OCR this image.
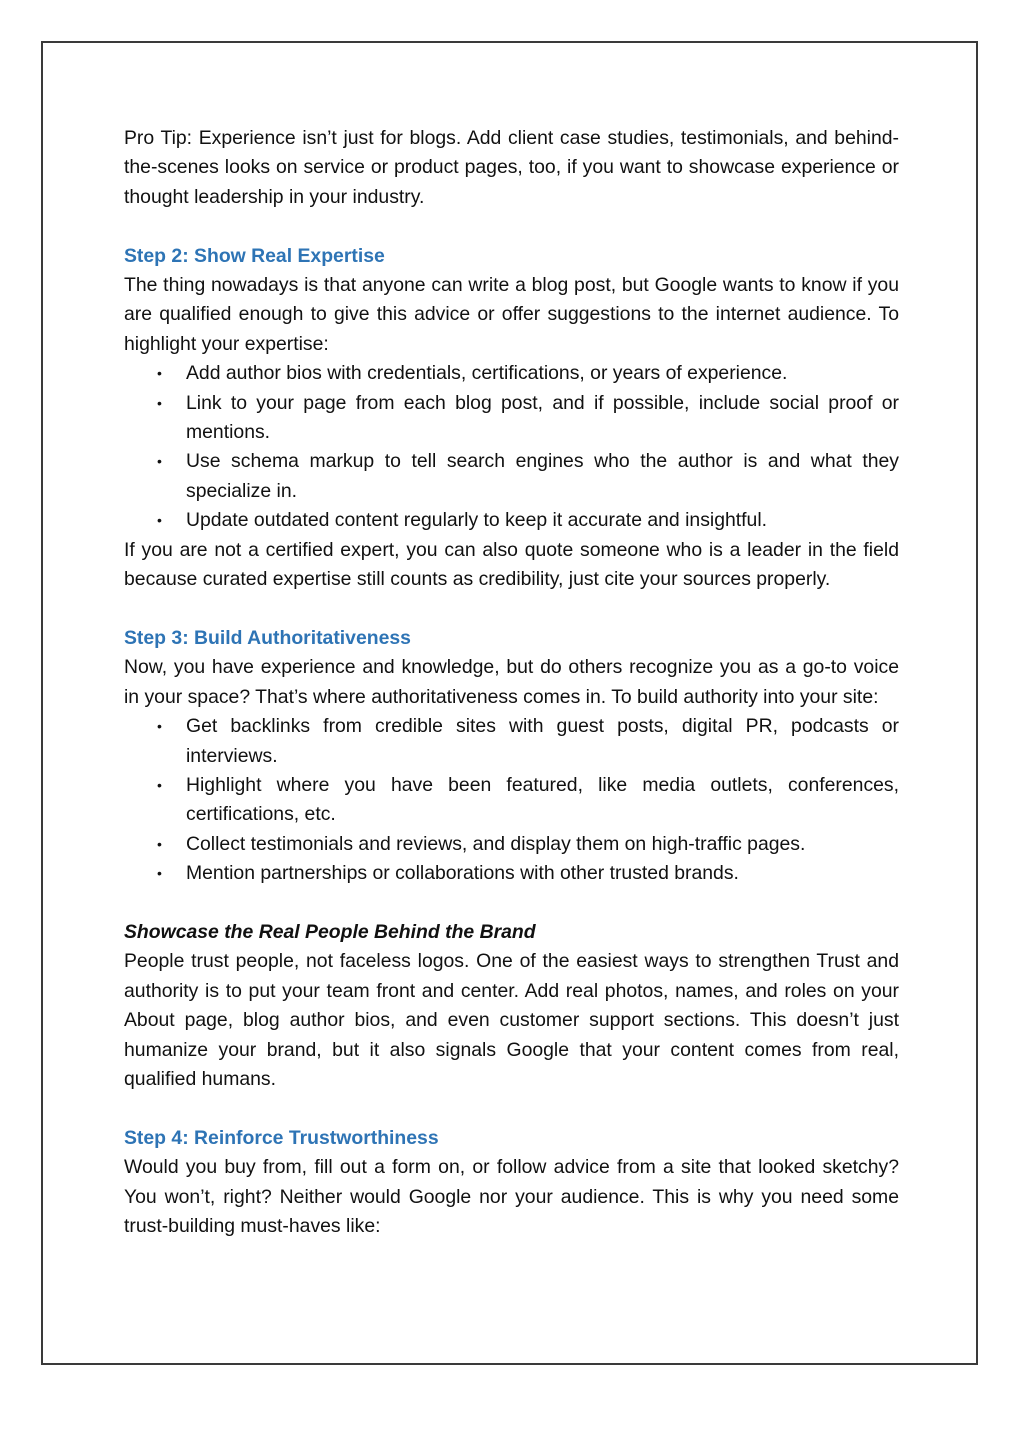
Pro Tip: Experience isn’t just for blogs. Add client case studies, testimonials, and behind-the-scenes looks on service or product pages, too, if you want to showcase experience or thought leadership in your industry.

Step 2: Show Real Expertise

The thing nowadays is that anyone can write a blog post, but Google wants to know if you are qualified enough to give this advice or offer suggestions to the internet audience. To highlight your expertise:

• Add author bios with credentials, certifications, or years of experience.
• Link to your page from each blog post, and if possible, include social proof or mentions.
• Use schema markup to tell search engines who the author is and what they specialize in.
• Update outdated content regularly to keep it accurate and insightful.

If you are not a certified expert, you can also quote someone who is a leader in the field because curated expertise still counts as credibility, just cite your sources properly.

Step 3: Build Authoritativeness

Now, you have experience and knowledge, but do others recognize you as a go-to voice in your space? That’s where authoritativeness comes in. To build authority into your site:

• Get backlinks from credible sites with guest posts, digital PR, podcasts or interviews.
• Highlight where you have been featured, like media outlets, conferences, certifications, etc.
• Collect testimonials and reviews, and display them on high-traffic pages.
• Mention partnerships or collaborations with other trusted brands.
Showcase the Real People Behind the Brand

People trust people, not faceless logos. One of the easiest ways to strengthen Trust and authority is to put your team front and center. Add real photos, names, and roles on your About page, blog author bios, and even customer support sections. This doesn’t just humanize your brand, but it also signals Google that your content comes from real, qualified humans.

Step 4: Reinforce Trustworthiness

Would you buy from, fill out a form on, or follow advice from a site that looked sketchy? You won’t, right? Neither would Google nor your audience. This is why you need some trust-building must-haves like:
